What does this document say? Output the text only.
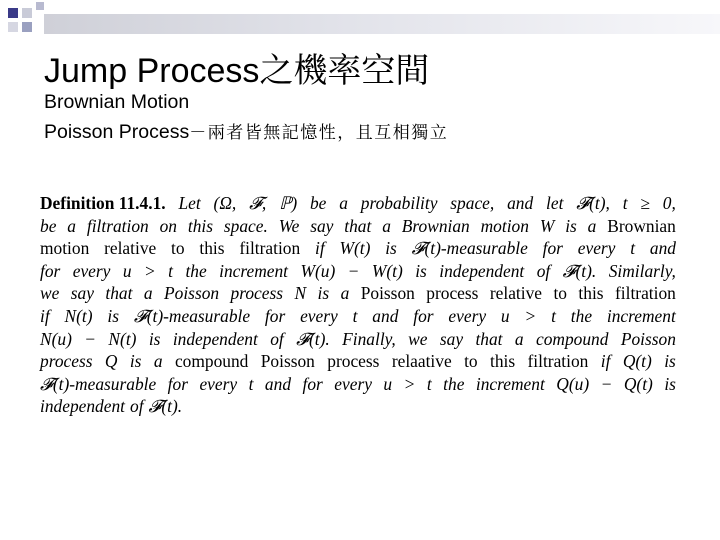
Jump Process之機率空間
Brownian Motion
Poisson Process－兩者皆無記憶性，且互相獨立
Definition 11.4.1. Let (Ω, 𝓕, ℙ) be a probability space, and let 𝓕(t), t ≥ 0,
be a filtration on this space. We say that a Brownian motion W is a Brownian
motion relative to this filtration if W(t) is 𝓕(t)-measurable for every t and
for every u > t the increment W(u) − W(t) is independent of 𝓕(t). Similarly,
we say that a Poisson process N is a Poisson process relative to this filtration
if N(t) is 𝓕(t)-measurable for every t and for every u > t the increment
N(u) − N(t) is independent of 𝓕(t). Finally, we say that a compound Poisson
process Q is a compound Poisson process relaative to this filtration if Q(t) is
𝓕(t)-measurable for every t and for every u > t the increment Q(u) − Q(t) is
independent of 𝓕(t).
